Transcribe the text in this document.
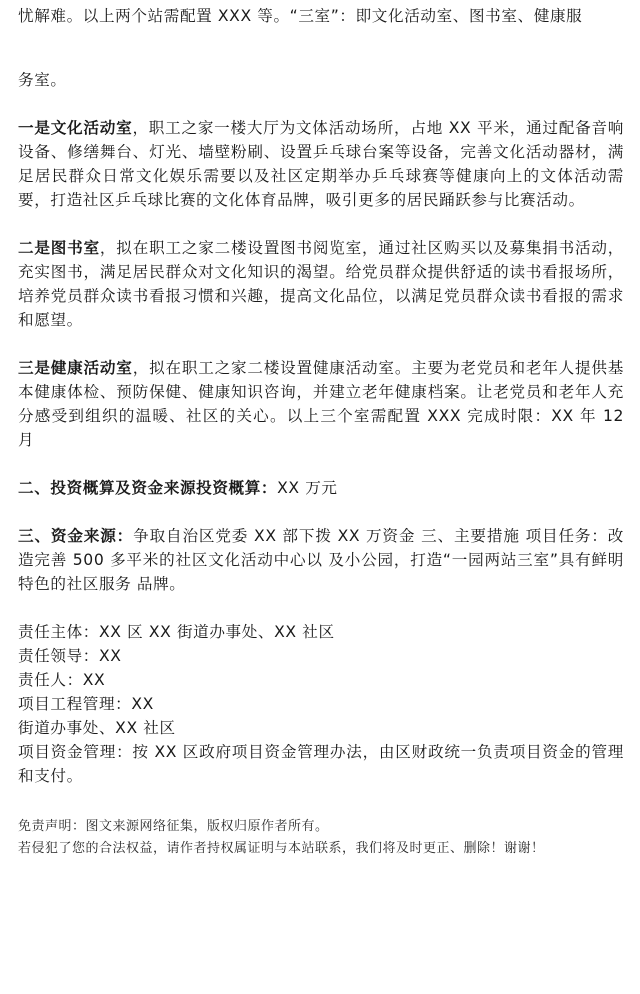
忧解难。以上两个站需配置 XXX 等。“三室”：即文化活动室、图书室、健康服

务室。

一是文化活动室，职工之家一楼大厅为文体活动场所，占地 XX 平米，通过配备音响设备、修缮舞台、灯光、墙壁粉刷、设置乒乓球台案等设备，完善文化活动器材，满足居民群众日常文化娱乐需要以及社区定期举办乒乓球赛等健康向上的文体活动需要，打造社区乒乓球比赛的文化体育品牌，吸引更多的居民踊跃参与比赛活动。

二是图书室，拟在职工之家二楼设置图书阅览室，通过社区购买以及募集捐书活动，充实图书，满足居民群众对文化知识的渴望。给党员群众提供舒适的读书看报场所，培养党员群众读书看报习惯和兴趣，提高文化品位，以满足党员群众读书看报的需求和愿望。

三是健康活动室，拟在职工之家二楼设置健康活动室。主要为老党员和老年人提供基本健康体检、预防保健、健康知识咨询，并建立老年健康档案。让老党员和老年人充分感受到组织的温暖、社区的关心。以上三个室需配置 XXX 完成时限：XX 年 12 月

二、投资概算及资金来源投资概算：XX 万元

三、资金来源：争取自治区党委 XX 部下拨 XX 万资金 三、主要措施 项目任务：改造完善 500 多平米的社区文化活动中心以 及小公园，打造“一园两站三室”具有鲜明特色的社区服务 品牌。

责任主体：XX 区 XX 街道办事处、XX 社区

责任领导：XX

责任人：XX

项目工程管理：XX

街道办事处、XX 社区

项目资金管理：按 XX 区政府项目资金管理办法，由区财政统一负责项目资金的管理和支付。

免责声明：图文来源网络征集，版权归原作者所有。

若侵犯了您的合法权益，请作者持权属证明与本站联系，我们将及时更正、删除！谢谢！
